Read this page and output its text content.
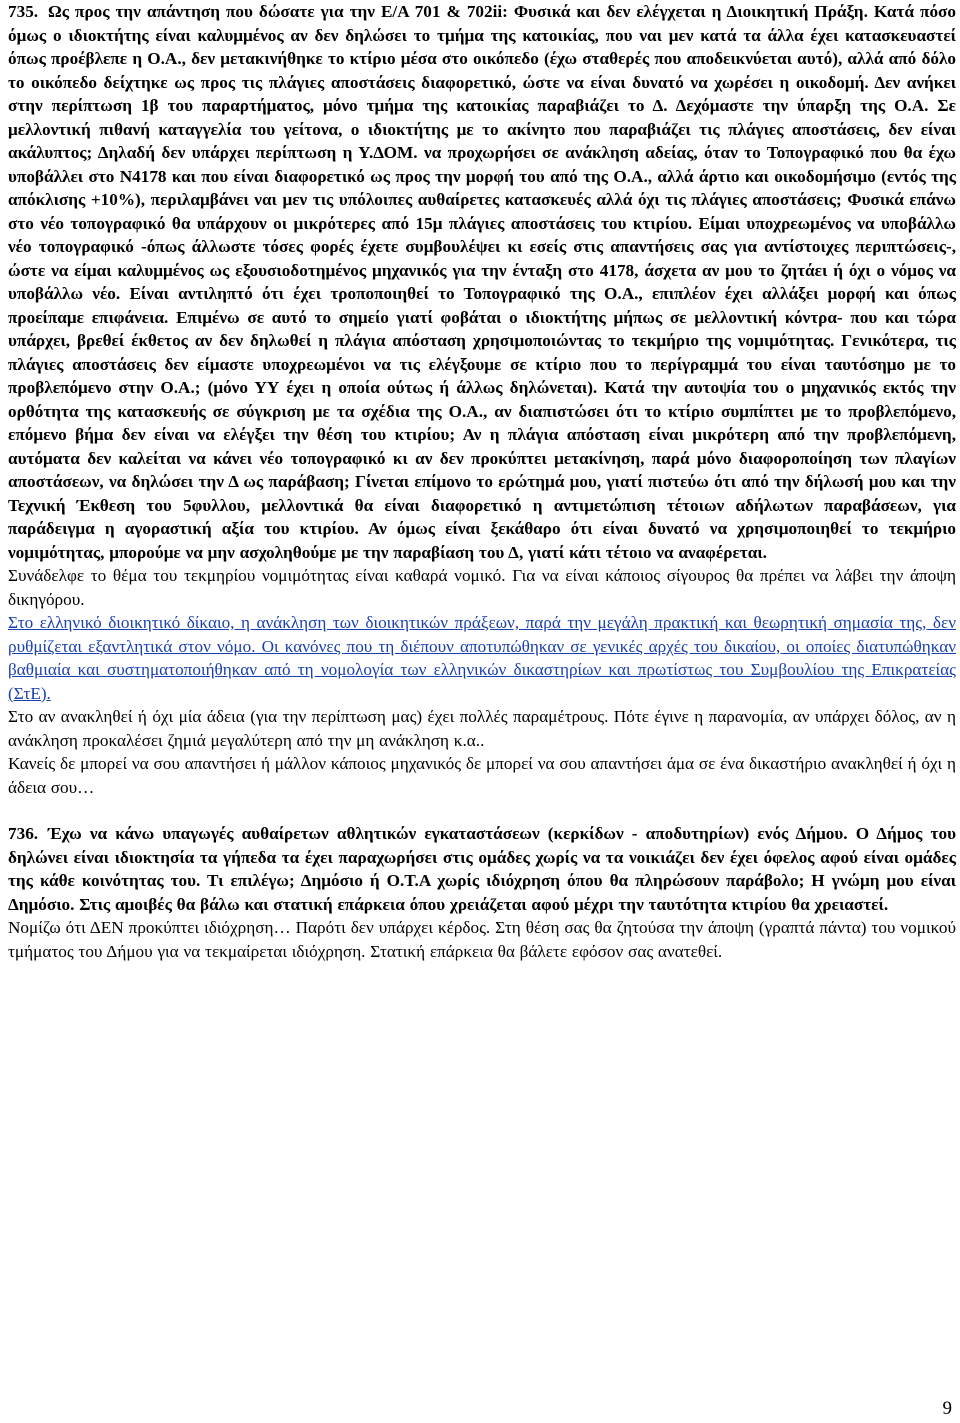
735. Ως προς την απάντηση που δώσατε για την Ε/Α 701 & 702ii: Φυσικά και δεν ελέγχεται η Διοικητική Πράξη. Κατά πόσο όμως ο ιδιοκτήτης είναι καλυμμένος αν δεν δηλώσει το τμήμα της κατοικίας, που ναι μεν κατά τα άλλα έχει κατασκευαστεί όπως προέβλεπε η Ο.Α., δεν μετακινήθηκε το κτίριο μέσα στο οικόπεδο (έχω σταθερές που αποδεικνύεται αυτό), αλλά από δόλο το οικόπεδο δείχτηκε ως προς τις πλάγιες αποστάσεις διαφορετικό, ώστε να είναι δυνατό να χωρέσει η οικοδομή. Δεν ανήκει στην περίπτωση 1β του παραρτήματος, μόνο τμήμα της κατοικίας παραβιάζει το Δ. Δεχόμαστε την ύπαρξη της Ο.Α. Σε μελλοντική πιθανή καταγγελία του γείτονα, ο ιδιοκτήτης με το ακίνητο που παραβιάζει τις πλάγιες αποστάσεις, δεν είναι ακάλυπτος; Δηλαδή δεν υπάρχει περίπτωση η Υ.ΔΟΜ. να προχωρήσει σε ανάκληση αδείας, όταν το Τοπογραφικό που θα έχω υποβάλλει στο Ν4178 και που είναι διαφορετικό ως προς την μορφή του από της Ο.Α., αλλά άρτιο και οικοδομήσιμο (εντός της απόκλισης +10%), περιλαμβάνει ναι μεν τις υπόλοιπες αυθαίρετες κατασκευές αλλά όχι τις πλάγιες αποστάσεις; Φυσικά επάνω στο νέο τοπογραφικό θα υπάρχουν οι μικρότερες από 15μ πλάγιες αποστάσεις του κτιρίου. Είμαι υποχρεωμένος να υποβάλλω νέο τοπογραφικό -όπως άλλωστε τόσες φορές έχετε συμβουλέψει κι εσείς στις απαντήσεις σας για αντίστοιχες περιπτώσεις-, ώστε να είμαι καλυμμένος ως εξουσιοδοτημένος μηχανικός για την ένταξη στο 4178, άσχετα αν μου το ζητάει ή όχι ο νόμος να υποβάλλω νέο. Είναι αντιληπτό ότι έχει τροποποιηθεί το Τοπογραφικό της Ο.Α., επιπλέον έχει αλλάξει μορφή και όπως προείπαμε επιφάνεια. Επιμένω σε αυτό το σημείο γιατί φοβάται ο ιδιοκτήτης μήπως σε μελλοντική κόντρα- που και τώρα υπάρχει, βρεθεί έκθετος αν δεν δηλωθεί η πλάγια απόσταση χρησιμοποιώντας το τεκμήριο της νομιμότητας. Γενικότερα, τις πλάγιες αποστάσεις δεν είμαστε υποχρεωμένοι να τις ελέγξουμε σε κτίριο που το περίγραμμά του είναι ταυτόσημο με το προβλεπόμενο στην Ο.Α.; (μόνο ΥΥ έχει η οποία ούτως ή άλλως δηλώνεται). Κατά την αυτοψία του ο μηχανικός εκτός την ορθότητα της κατασκευής σε σύγκριση με τα σχέδια της Ο.Α., αν διαπιστώσει ότι το κτίριο συμπίπτει με το προβλεπόμενο, επόμενο βήμα δεν είναι να ελέγξει την θέση του κτιρίου; Αν η πλάγια απόσταση είναι μικρότερη από την προβλεπόμενη, αυτόματα δεν καλείται να κάνει νέο τοπογραφικό κι αν δεν προκύπτει μετακίνηση, παρά μόνο διαφοροποίηση των πλαγίων αποστάσεων, να δηλώσει την Δ ως παράβαση; Γίνεται επίμονο το ερώτημά μου, γιατί πιστεύω ότι από την δήλωσή μου και την Τεχνική Έκθεση του 5φυλλου, μελλοντικά θα είναι διαφορετικό η αντιμετώπιση τέτοιων αδήλωτων παραβάσεων, για παράδειγμα η αγοραστική αξία του κτιρίου. Αν όμως είναι ξεκάθαρο ότι είναι δυνατό να χρησιμοποιηθεί το τεκμήριο νομιμότητας, μπορούμε να μην ασχοληθούμε με την παραβίαση του Δ, γιατί κάτι τέτοιο να αναφέρεται.

Συνάδελφε το θέμα του τεκμηρίου νομιμότητας είναι καθαρά νομικό. Για να είναι κάποιος σίγουρος θα πρέπει να λάβει την άποψη δικηγόρου.

Στο ελληνικό διοικητικό δίκαιο, η ανάκληση των διοικητικών πράξεων, παρά την μεγάλη πρακτική και θεωρητική σημασία της, δεν ρυθμίζεται εξαντλητικά στον νόμο. Οι κανόνες που τη διέπουν αποτυπώθηκαν σε γενικές αρχές του δικαίου, οι οποίες διατυπώθηκαν βαθμιαία και συστηματοποιήθηκαν από τη νομολογία των ελληνικών δικαστηρίων και πρωτίστως του Συμβουλίου της Επικρατείας (ΣτΕ).

Στο αν ανακληθεί ή όχι μία άδεια (για την περίπτωση μας) έχει πολλές παραμέτρους. Πότε έγινε η παρανομία, αν υπάρχει δόλος, αν η ανάκληση προκαλέσει ζημιά μεγαλύτερη από την μη ανάκληση κ.α..

Κανείς δε μπορεί να σου απαντήσει ή μάλλον κάποιος μηχανικός δε μπορεί να σου απαντήσει άμα σε ένα δικαστήριο ανακληθεί ή όχι η άδεια σου…

736. Έχω να κάνω υπαγωγές αυθαίρετων αθλητικών εγκαταστάσεων (κερκίδων - αποδυτηρίων) ενός Δήμου. Ο Δήμος του δηλώνει είναι ιδιοκτησία τα γήπεδα τα έχει παραχωρήσει στις ομάδες χωρίς να τα νοικιάζει δεν έχει όφελος αφού είναι ομάδες της κάθε κοινότητας του. Τι επιλέγω; Δημόσιο ή Ο.Τ.Α χωρίς ιδιόχρηση όπου θα πληρώσουν παράβολο; Η γνώμη μου είναι Δημόσιο. Στις αμοιβές θα βάλω και στατική επάρκεια όπου χρειάζεται αφού μέχρι την ταυτότητα κτιρίου θα χρειαστεί.

Νομίζω ότι ΔΕΝ προκύπτει ιδιόχρηση… Παρότι δεν υπάρχει κέρδος. Στη θέση σας θα ζητούσα την άποψη (γραπτά πάντα) του νομικού τμήματος του Δήμου για να τεκμαίρεται ιδιόχρηση. Στατική επάρκεια θα βάλετε εφόσον σας ανατεθεί.

9
